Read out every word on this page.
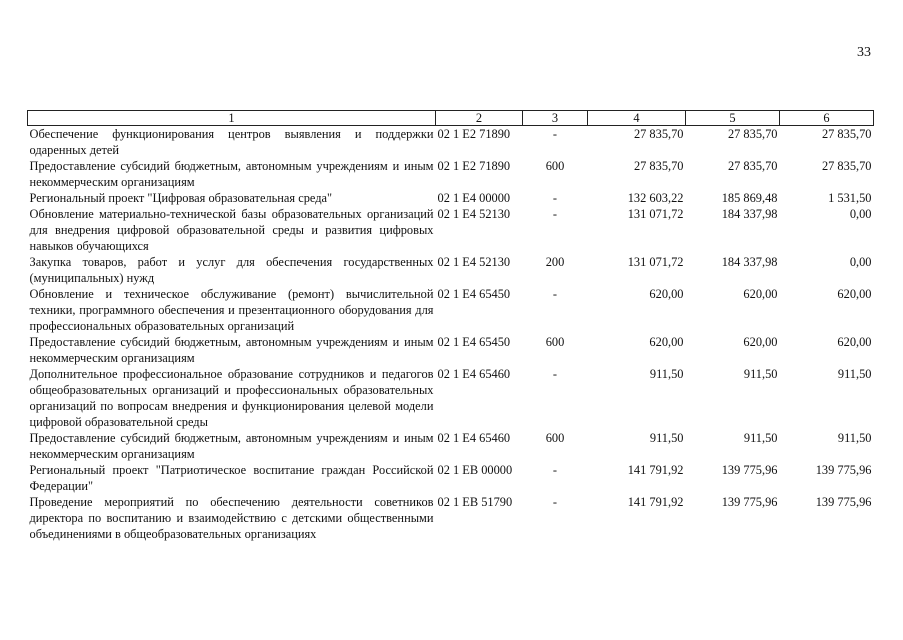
33
1	2	3	4	5	6
Обеспечение функционирования центров выявления и поддержки одаренных детей	02 1 E2 71890	-	27 835,70	27 835,70	27 835,70
Предоставление субсидий бюджетным, автономным учреждениям и иным некоммерческим организациям	02 1 E2 71890	600	27 835,70	27 835,70	27 835,70
Региональный проект "Цифровая образовательная среда"	02 1 E4 00000	-	132 603,22	185 869,48	1 531,50
Обновление материально-технической базы образовательных организаций для внедрения цифровой образовательной среды и развития цифровых навыков обучающихся	02 1 E4 52130	-	131 071,72	184 337,98	0,00
Закупка товаров, работ и услуг для обеспечения государственных (муниципальных) нужд	02 1 E4 52130	200	131 071,72	184 337,98	0,00
Обновление и техническое обслуживание (ремонт) вычислительной техники, программного обеспечения и презентационного оборудования для профессиональных образовательных организаций	02 1 E4 65450	-	620,00	620,00	620,00
Предоставление субсидий бюджетным, автономным учреждениям и иным некоммерческим организациям	02 1 E4 65450	600	620,00	620,00	620,00
Дополнительное профессиональное образование сотрудников и педагогов общеобразовательных организаций и профессиональных образовательных организаций по вопросам внедрения и функционирования целевой модели цифровой образовательной среды	02 1 E4 65460	-	911,50	911,50	911,50
Предоставление субсидий бюджетным, автономным учреждениям и иным некоммерческим организациям	02 1 E4 65460	600	911,50	911,50	911,50
Региональный проект "Патриотическое воспитание граждан Российской Федерации"	02 1 EB 00000	-	141 791,92	139 775,96	139 775,96
Проведение мероприятий по обеспечению деятельности советников директора по воспитанию и взаимодействию с детскими общественными объединениями в общеобразовательных организациях	02 1 EB 51790	-	141 791,92	139 775,96	139 775,96
